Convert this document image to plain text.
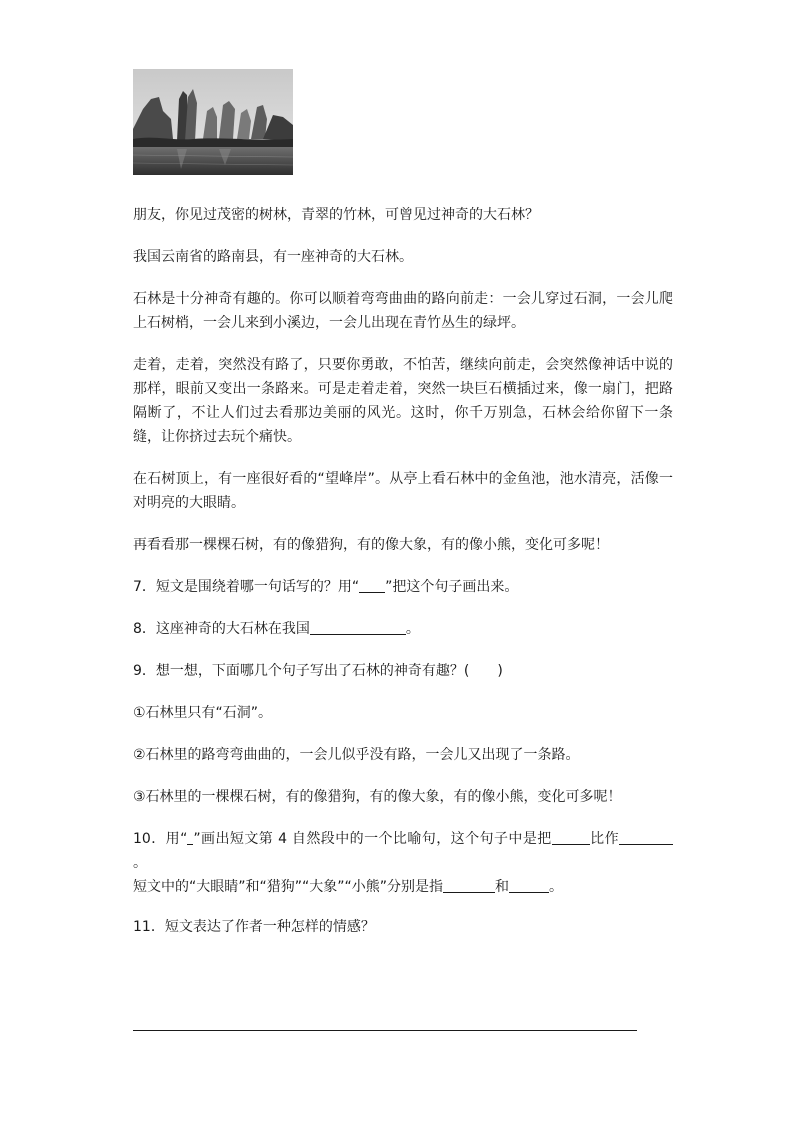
朋友，你见过茂密的树林，青翠的竹林，可曾见过神奇的大石林？

我国云南省的路南县，有一座神奇的大石林。

石林是十分神奇有趣的。你可以顺着弯弯曲曲的路向前走：一会儿穿过石洞，一会儿爬上石树梢，一会儿来到小溪边，一会儿出现在青竹丛生的绿坪。

走着，走着，突然没有路了，只要你勇敢，不怕苦，继续向前走，会突然像神话中说的那样，眼前又变出一条路来。可是走着走着，突然一块巨石横插过来，像一扇门，把路隔断了，不让人们过去看那边美丽的风光。这时，你千万别急，石林会给你留下一条缝，让你挤过去玩个痛快。

在石树顶上，有一座很好看的“望峰岸”。从亭上看石林中的金鱼池，池水清亮，活像一对明亮的大眼睛。

再看看那一棵棵石树，有的像猎狗，有的像大象，有的像小熊，变化可多呢！

7．短文是围绕着哪一句话写的？用“ ”把这个句子画出来。

8．这座神奇的大石林在我国	。

9．想一想，下面哪几个句子写出了石林的神奇有趣？(　　)

①石林里只有“石洞”。

②石林里的路弯弯曲曲的，一会儿似乎没有路，一会儿又出现了一条路。

③石林里的一棵棵石树，有的像猎狗，有的像大象，有的像小熊，变化可多呢！

10．用“ ”画出短文第 4 自然段中的一个比喻句，这个句子中是把	比作。
短文中的“大眼睛”和“猎狗”“大象”“小熊”分别是指	和	。

11．短文表达了作者一种怎样的情感？
